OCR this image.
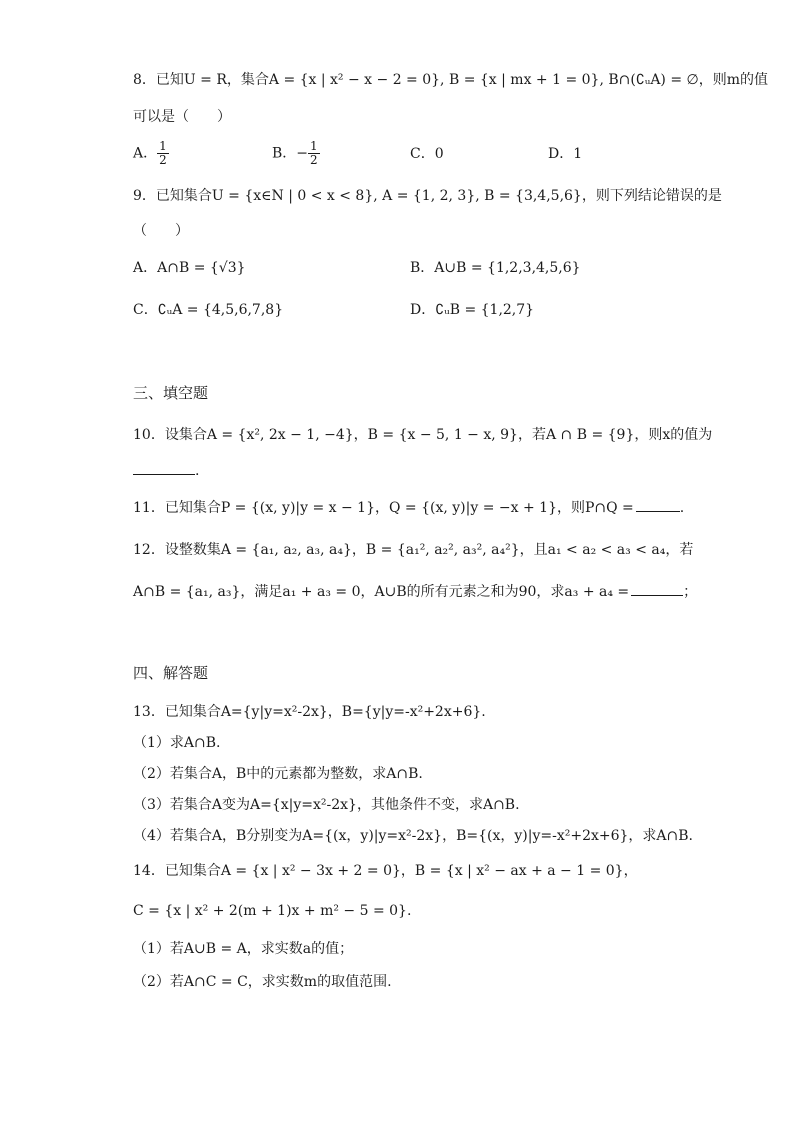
8．已知U = R，集合A = {x | x² − x − 2 = 0}, B = {x | mx + 1 = 0}, B∩(∁ᵤA) = ∅，则m的值
可以是（　　）
A． $\frac{1}{2}$	B．− $\frac{1}{2}$	C．0	D．1
9．已知集合U = {x∈N | 0 < x < 8}, A = {1, 2, 3}, B = {3,4,5,6}，则下列结论错误的是
（　　）
A．A∩B = {√3}	B．A∪B = {1,2,3,4,5,6}
C．∁ᵤA = {4,5,6,7,8}	D．∁ᵤB = {1,2,7}
三、填空题
10．设集合A = {x², 2x − 1, −4}，B = {x − 5, 1 − x, 9}，若A ∩ B = {9}，则x的值为
.
11．已知集合P = {(x, y)|y = x − 1}，Q = {(x, y)|y = −x + 1}，则P∩Q =	.
12．设整数集A = {a₁, a₂, a₃, a₄}，B = {a₁², a₂², a₃², a₄²}，且a₁ < a₂ < a₃ < a₄，若
A∩B = {a₁, a₃}，满足a₁ + a₃ = 0，A∪B的所有元素之和为90，求a₃ + a₄ =	；
四、解答题
13．已知集合A={y|y=x²-2x}，B={y|y=-x²+2x+6}.
（1）求A∩B.
（2）若集合A，B中的元素都为整数，求A∩B.
（3）若集合A变为A={x|y=x²-2x}，其他条件不变，求A∩B.
（4）若集合A，B分别变为A={(x，y)|y=x²-2x}，B={(x，y)|y=-x²+2x+6}，求A∩B.
14．已知集合A = {x | x² − 3x + 2 = 0}，B = {x | x² − ax + a − 1 = 0}，
C = {x | x² + 2(m + 1)x + m² − 5 = 0}.
（1）若A∪B = A，求实数a的值；
（2）若A∩C = C，求实数m的取值范围.
